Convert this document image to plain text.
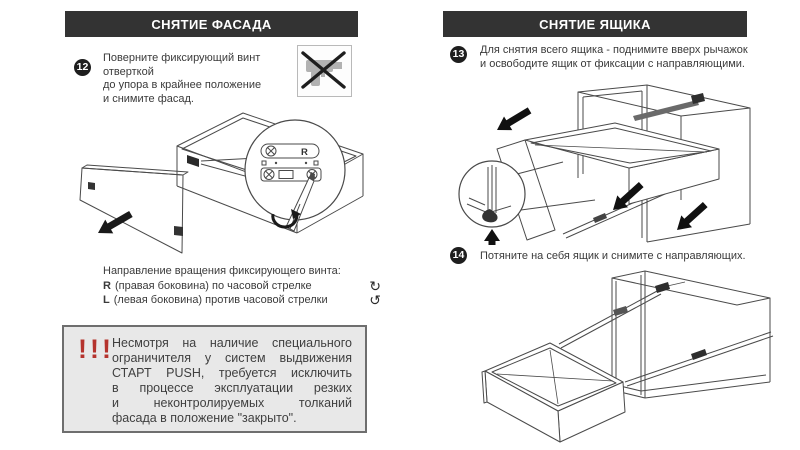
СНЯТИЕ ФАСАДА
12
Поверните фиксирующий винт отверткой
до упора в крайнее положение
и снимите фасад.
R
Направление вращения фиксирующего винта:
R (правая боковина) по часовой стрелке	↻
L (левая боковина) против часовой стрелки	↺
!!!
Несмотря на наличие специального
ограничителя у систем выдвижения
СТАРТ PUSH, требуется исключить
в процессе эксплуатации резких
и неконтролируемых толканий
фасада в положение "закрыто".
СНЯТИЕ ЯЩИКА
13 Для снятия всего ящика - поднимите вверх рычажок
и освободите ящик от фиксации с направляющими.
14 Потяните на себя ящик и снимите с направляющих.
